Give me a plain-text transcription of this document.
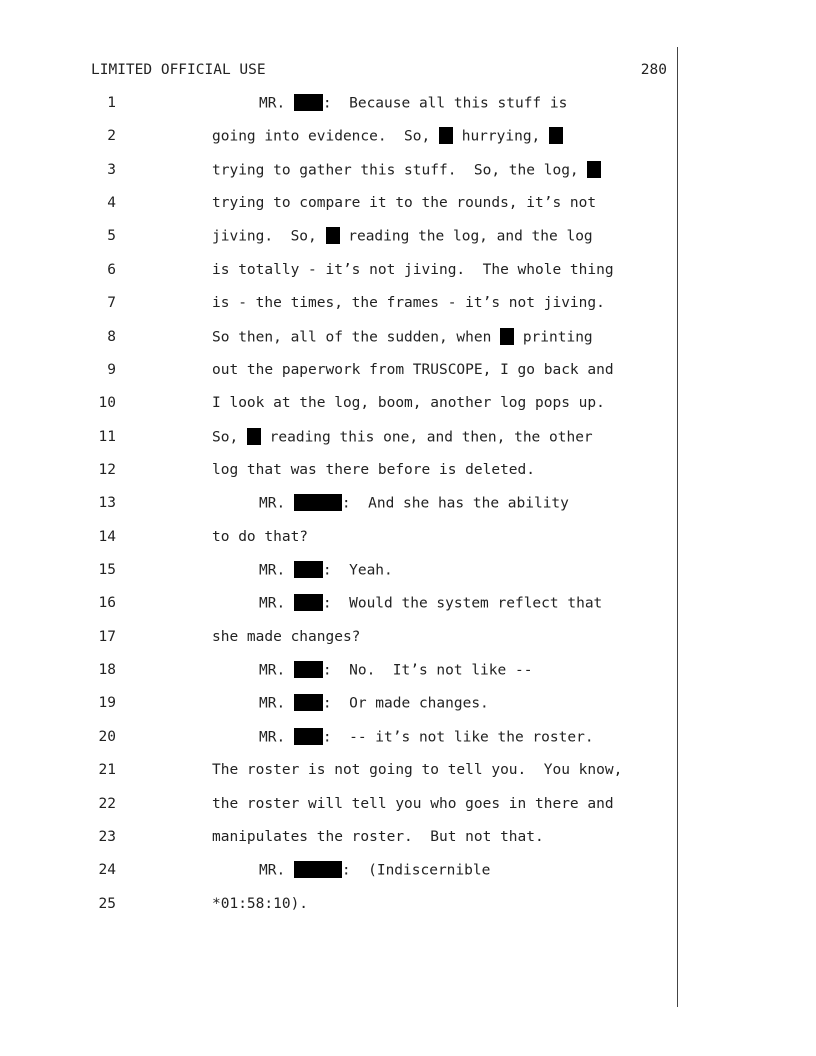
LIMITED OFFICIAL USE	280
1	MR. :  Because all this stuff is
2	going into evidence.  So,  hurrying,
3	trying to gather this stuff.  So, the log,
4	trying to compare it to the rounds, it’s not
5	jiving.  So,  reading the log, and the log
6	is totally - it’s not jiving.  The whole thing
7	is - the times, the frames - it’s not jiving.
8	So then, all of the sudden, when  printing
9	out the paperwork from TRUSCOPE, I go back and
10	I look at the log, boom, another log pops up.
11	So,  reading this one, and then, the other
12	log that was there before is deleted.
13	MR.	:  And she has the ability
14	to do that?
15	MR. :  Yeah.
16	MR. :  Would the system reflect that
17	she made changes?
18	MR. :  No.  It’s not like --
19	MR. :  Or made changes.
20	MR. :  -- it’s not like the roster.
21	The roster is not going to tell you.  You know,
22	the roster will tell you who goes in there and
23	manipulates the roster.  But not that.
24	MR.	:  (Indiscernible
25	*01:58:10).
